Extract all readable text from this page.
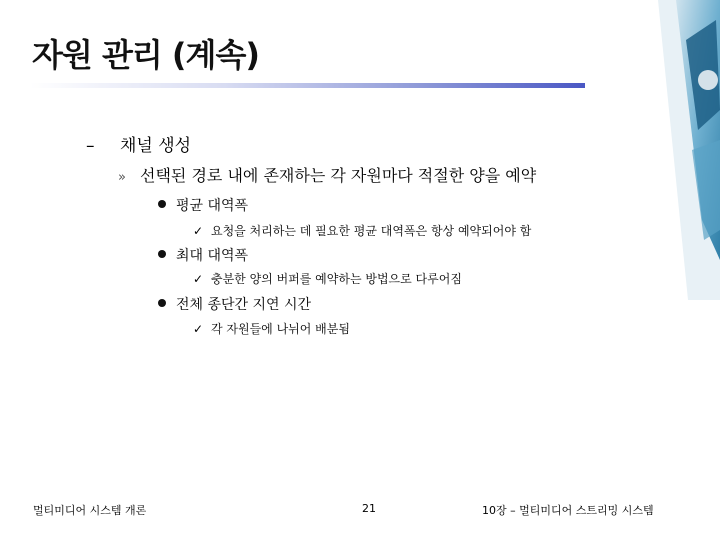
자원 관리 (계속)
– 채널 생성
» 선택된 경로 내에 존재하는 각 자원마다 적절한 양을 예약
평균 대역폭
✓ 요청을 처리하는 데 필요한 평균 대역폭은 항상 예약되어야 함
최대 대역폭
✓ 충분한 양의 버퍼를 예약하는 방법으로 다루어짐
전체 종단간 지연 시간
✓ 각 자원들에 나뉘어 배분됨
멀티미디어 시스템 개론	21	10장 – 멀티미디어 스트리밍 시스템
